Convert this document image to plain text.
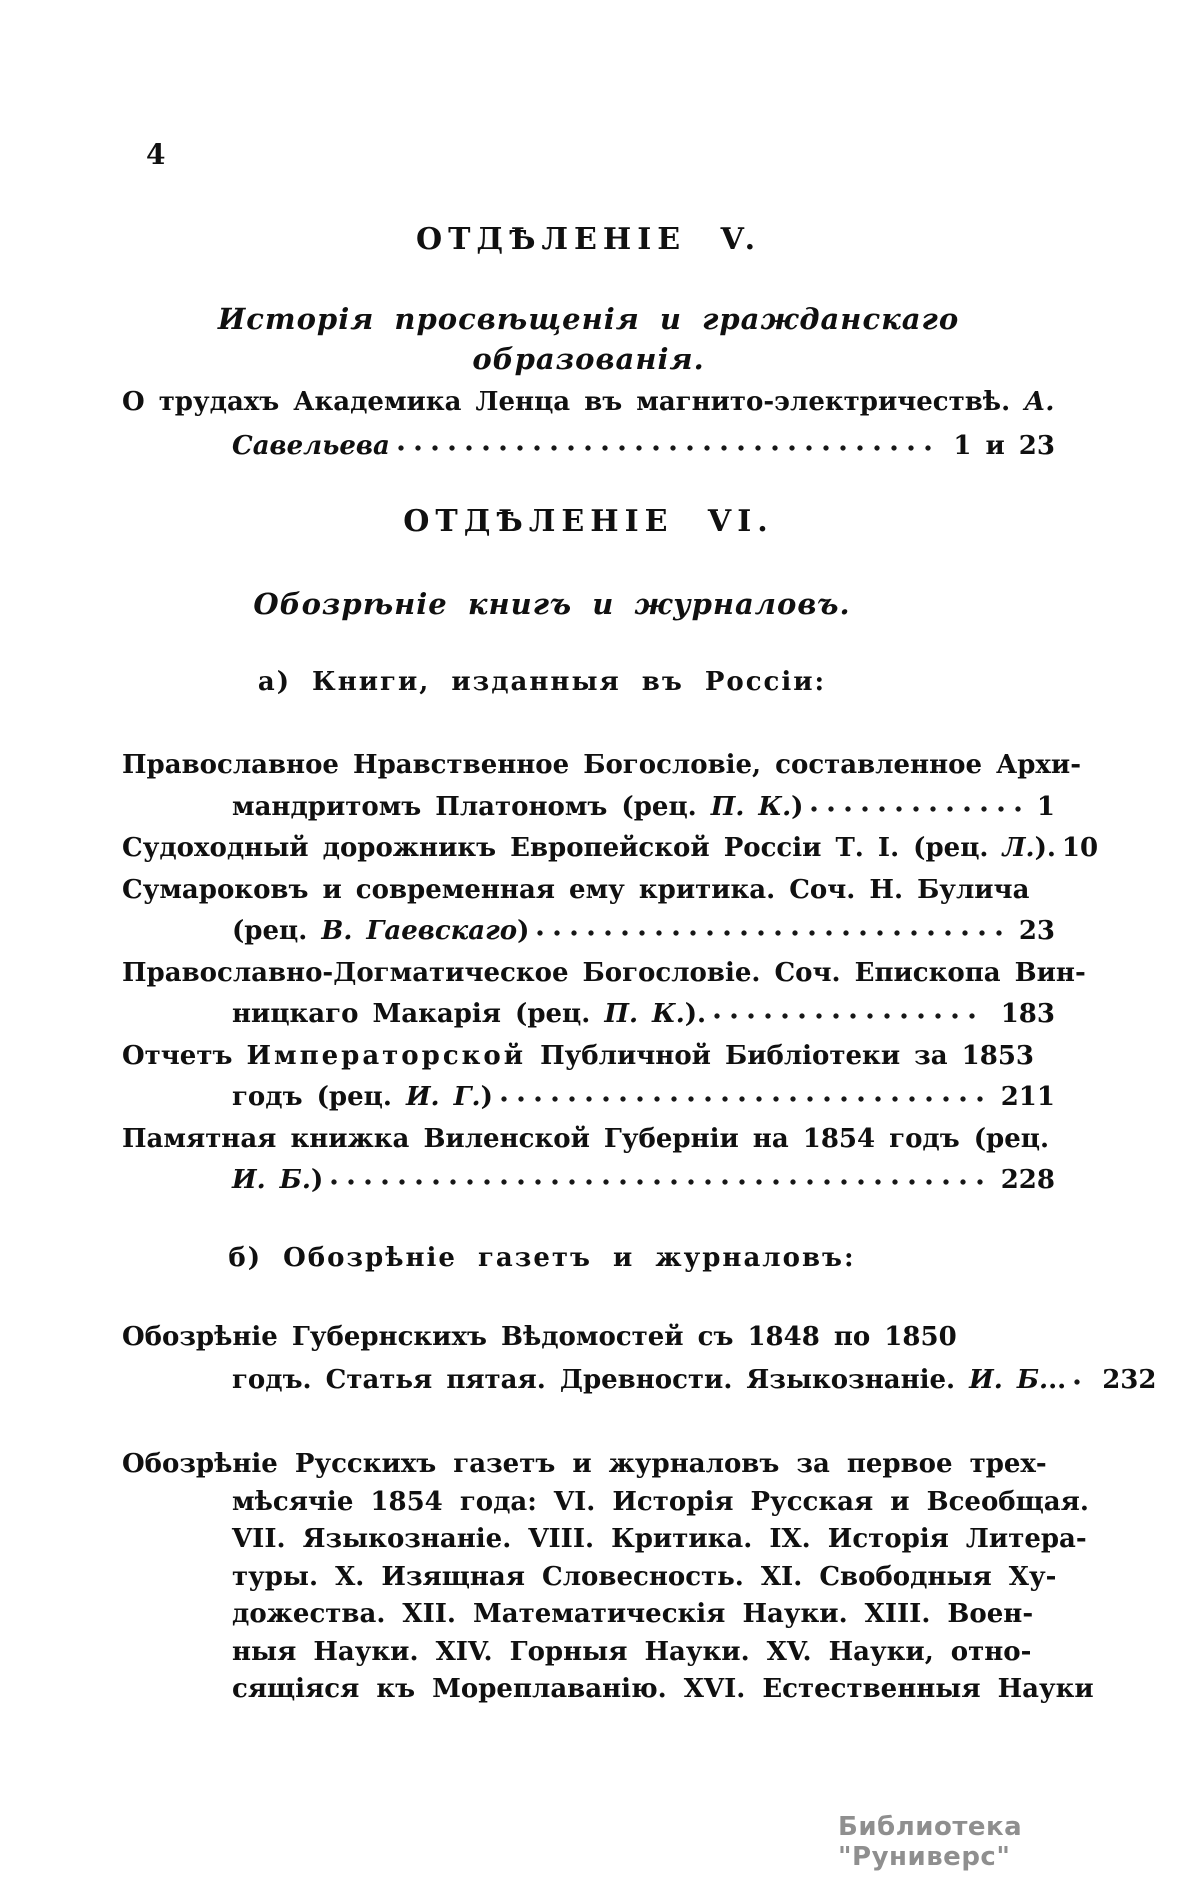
4
ОТДѢЛЕНІЕ V.
Исторія просвѣщенія и гражданскаго образованія.
О трудахъ Академика Ленца въ магнито-электричествѣ. А.
Савельева	1 и 23
ОТДѢЛЕНІЕ VI.
Обозрѣніе книгъ и журналовъ.
а) Книги, изданныя въ Россіи:
Православное Нравственное Богословіе, составленное Архи-
мандритомъ Платономъ (рец. П. К.)	1
Судоходный дорожникъ Европейской Россіи Т. I. (рец. Л.). 10
Сумароковъ и современная ему критика. Соч. Н. Булича
(рец. В. Гаевскаго)	23
Православно-Догматическое Богословіе. Соч. Епископа Вин-
ницкаго Макарія (рец. П. К.).	183
Отчетъ Императорской Публичной Библіотеки за 1853
годъ (рец. И. Г.)	211
Памятная книжка Виленской Губерніи на 1854 годъ (рец.
И. Б.)	228
б) Обозрѣніе газетъ и журналовъ:
Обозрѣніе Губернскихъ Вѣдомостей съ 1848 по 1850
годъ. Статья пятая. Древности. Языкознаніе. И. Б... 232
Обозрѣніе Русскихъ газетъ и журналовъ за первое трех-
мѣсячіе 1854 года: VI. Исторія Русская и Всеобщая.
VII. Языкознаніе. VIII. Критика. IX. Исторія Литера-
туры. X. Изящная Словесность. XI. Свободныя Ху-
дожества. XII. Математическія Науки. XIII. Воен-
ныя Науки. XIV. Горныя Науки. XV. Науки, отно-
сящіяся къ Мореплаванію. XVI. Естественныя Науки
Библиотека "Руниверс"
